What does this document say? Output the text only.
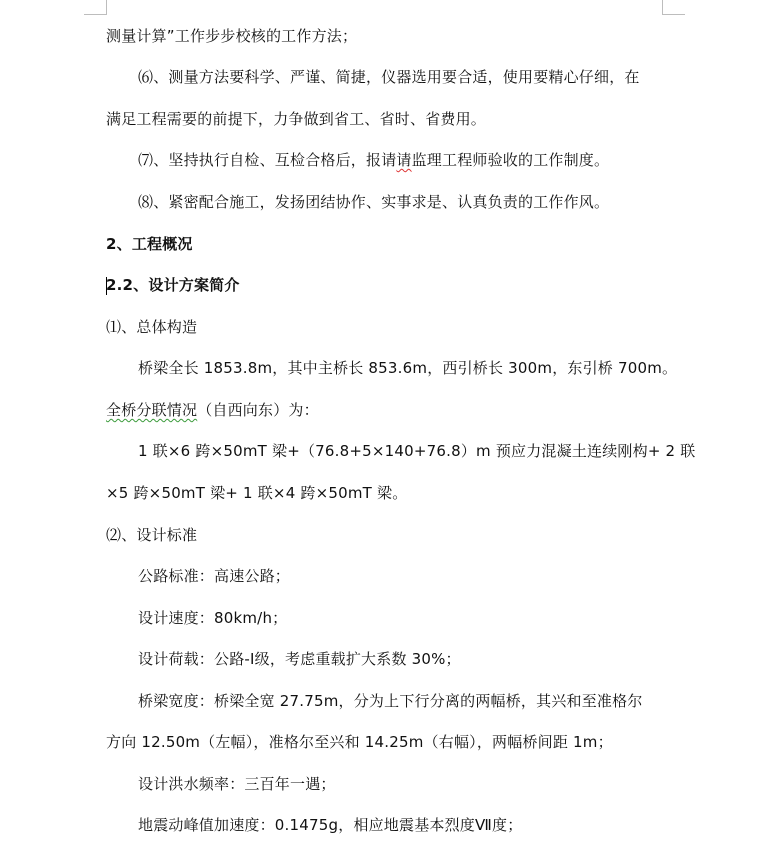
测量计算”工作步步校核的工作方法；
⑹、测量方法要科学、严谨、简捷，仪器选用要合适，使用要精心仔细，在
满足工程需要的前提下，力争做到省工、省时、省费用。
⑺、坚持执行自检、互检合格后，报请请监理工程师验收的工作制度。
⑻、紧密配合施工，发扬团结协作、实事求是、认真负责的工作作风。
2、工程概况
2.2、设计方案简介
⑴、总体构造
桥梁全长 1853.8m，其中主桥长 853.6m，西引桥长 300m，东引桥 700m。
全桥分联情况（自西向东）为：
1 联×6 跨×50mT 梁+（76.8+5×140+76.8）m 预应力混凝土连续刚构+ 2 联
×5 跨×50mT 梁+ 1 联×4 跨×50mT 梁。
⑵、设计标准
公路标准：高速公路；
设计速度：80km/h；
设计荷载：公路-Ⅰ级，考虑重载扩大系数 30%；
桥梁宽度：桥梁全宽 27.75m，分为上下行分离的两幅桥，其兴和至准格尔
方向 12.50m（左幅），准格尔至兴和 14.25m（右幅），两幅桥间距 1m；
设计洪水频率：三百年一遇；
地震动峰值加速度：0.1475g，相应地震基本烈度Ⅶ度；
